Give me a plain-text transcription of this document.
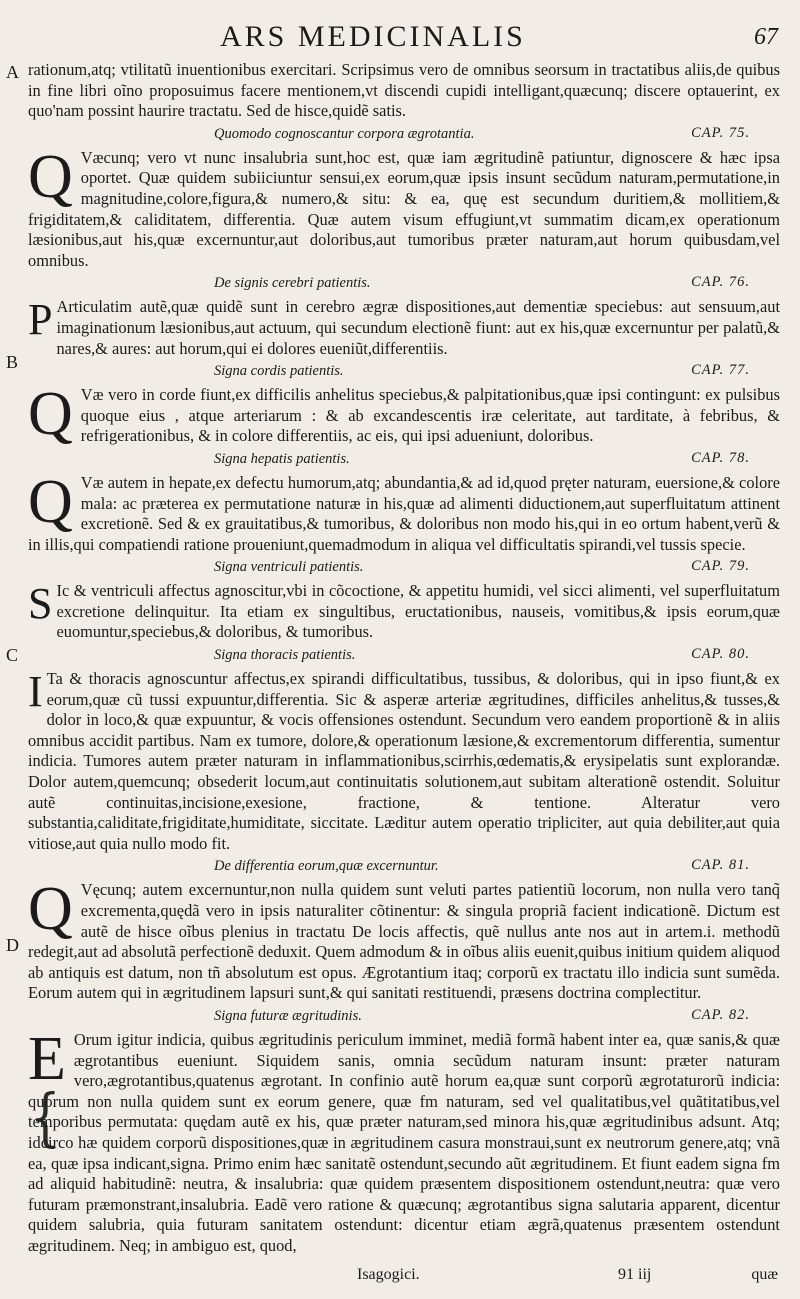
ARS MEDICINALIS	67
A
B
C
D
{

rationum,atq; vtilitatũ inuentionibus exercitari. Scripsimus vero de omnibus seorsum in tractatibus aliis,de quibus in fine libri oĩno proposuimus facere mentionem,vt discendi cupidi intelligant,quæcunq; discere optauerint, ex quo'nam possint haurire tractatu. Sed de hisce,quidẽ satis.

Quomodo cognoscantur corpora ægrotantia.	CAP. 75.

Q Væcunq; vero vt nunc insalubria sunt,hoc est, quæ iam ægritudinẽ patiuntur, dignoscere & hæc ipsa oportet. Quæ quidem subiiciuntur sensui,ex eorum,quæ ipsis insunt secũdum naturam,permutatione,in magnitudine,colore,figura,& numero,& situ: & ea, quę est secundum duritiem,& mollitiem,& frigiditatem,& caliditatem, differentia. Quæ autem visum effugiunt,vt summatim dicam,ex operationum læsionibus,aut his,quæ excernuntur,aut doloribus,aut tumoribus præter naturam,aut horum quibusdam,vel omnibus.

De signis cerebri patientis.	CAP. 76.

P Articulatim autẽ,quæ quidẽ sunt in cerebro ægræ dispositiones,aut dementiæ speciebus: aut sensuum,aut imaginationum læsionibus,aut actuum, qui secundum electionẽ fiunt: aut ex his,quæ excernuntur per palatũ,& nares,& aures: aut horum,qui ei dolores eueniũt,differentiis.

Signa cordis patientis.	CAP. 77.

Q Væ vero in corde fiunt,ex difficilis anhelitus speciebus,& palpitationibus,quæ ipsi contingunt: ex pulsibus quoque eius , atque arteriarum : & ab excandescentis iræ celeritate, aut tarditate, à febribus, & refrigerationibus, & in colore differentiis, ac eis, qui ipsi adueniunt, doloribus.

Signa hepatis patientis.	CAP. 78.

Q Væ autem in hepate,ex defectu humorum,atq; abundantia,& ad id,quod pręter naturam, euersione,& colore mala: ac præterea ex permutatione naturæ in his,quæ ad alimenti diductionem,aut superfluitatum attinent excretionẽ. Sed & ex grauitatibus,& tumoribus, & doloribus non modo his,qui in eo ortum habent,verũ & in illis,qui compatiendi ratione proueniunt,quemadmodum in aliqua vel difficultatis spirandi,vel tussis specie.

Signa ventriculi patientis.	CAP. 79.

S Ic & ventriculi affectus agnoscitur,vbi in cõcoctione, & appetitu humidi, vel sicci alimenti, vel superfluitatum excretione delinquitur. Ita etiam ex singultibus, eructationibus, nauseis, vomitibus,& ipsis eorum,quæ euomuntur,speciebus,& doloribus, & tumoribus.

Signa thoracis patientis.	CAP. 80.

I Ta & thoracis agnoscuntur affectus,ex spirandi difficultatibus, tussibus, & doloribus, qui in ipso fiunt,& ex eorum,quæ cũ tussi expuuntur,differentia. Sic & asperæ arteriæ ægritudines, difficiles anhelitus,& tusses,& dolor in loco,& quæ expuuntur, & vocis offensiones ostendunt. Secundum vero eandem proportionẽ & in aliis omnibus accidit partibus. Nam ex tumore, dolore,& operationum læsione,& excrementorum differentia, sumentur indicia. Tumores autem præter naturam in inflammationibus,scirrhis,œdematis,& erysipelatis sunt explorandæ. Dolor autem,quemcunq; obsederit locum,aut continuitatis solutionem,aut subitam alterationẽ ostendit. Soluitur autẽ continuitas,incisione,exesione, fractione, & tentione. Alteratur vero substantia,caliditate,frigiditate,humiditate, siccitate. Læditur autem operatio tripliciter, aut quia debiliter,aut quia vitiose,aut quia nullo modo fit.

De differentia eorum,quæ excernuntur.	CAP. 81.

Q Vęcunq; autem excernuntur,non nulla quidem sunt veluti partes patientiũ locorum, non nulla vero tanq̃ excrementa,quędã vero in ipsis naturaliter cõtinentur: & singula propriã facient indicationẽ. Dictum est autẽ de hisce oĩbus plenius in tractatu De locis affectis, quẽ nullus ante nos aut in artem.i. methodũ redegit,aut ad absolutã perfectionẽ deduxit. Quem admodum & in oĩbus aliis euenit,quibus initium quidem aliquod ab antiquis est datum, non tñ absolutum est opus. Ægrotantium itaq; corporũ ex tractatu illo indicia sunt sumẽda. Eorum autem qui in ægritudinem lapsuri sunt,& qui sanitati restituendi, præsens doctrina complectitur.

Signa futuræ ægritudinis.	CAP. 82.

E Orum igitur indicia, quibus ægritudinis periculum imminet, mediã formã habent inter ea, quæ sanis,& quæ ægrotantibus eueniunt. Siquidem sanis, omnia secũdum naturam insunt: præter naturam vero,ægrotantibus,quatenus ægrotant. In confinio autẽ horum ea,quæ sunt corporũ ægrotaturorũ indicia: quorum non nulla quidem sunt ex eorum genere, quæ fm naturam, sed vel qualitatibus,vel quãtitatibus,vel temporibus permutata: quędam autẽ ex his, quæ præter naturam,sed minora his,quæ ægritudinibus adsunt. Atq; idcirco hæ quidem corporũ dispositiones,quæ in ægritudinem casura monstraui,sunt ex neutrorum genere,atq; vnã ea, quæ ipsa indicant,signa. Primo enim hæc sanitatẽ ostendunt,secundo aũt ægritudinem. Et fiunt eadem signa fm ad aliquid habitudinẽ: neutra, & insalubria: quæ quidem præsentem dispositionem ostendunt,neutra: quæ vero futuram præmonstrant,insalubria. Eadẽ vero ratione & quæcunq; ægrotantibus signa salutaria apparent, dicentur quidem salubria, quia futuram sanitatem ostendunt: dicentur etiam ægrã,quatenus præsentem ostendunt ægritudinem. Neq; in ambiguo est, quod,

Isagogici.	91 iij	quæ
